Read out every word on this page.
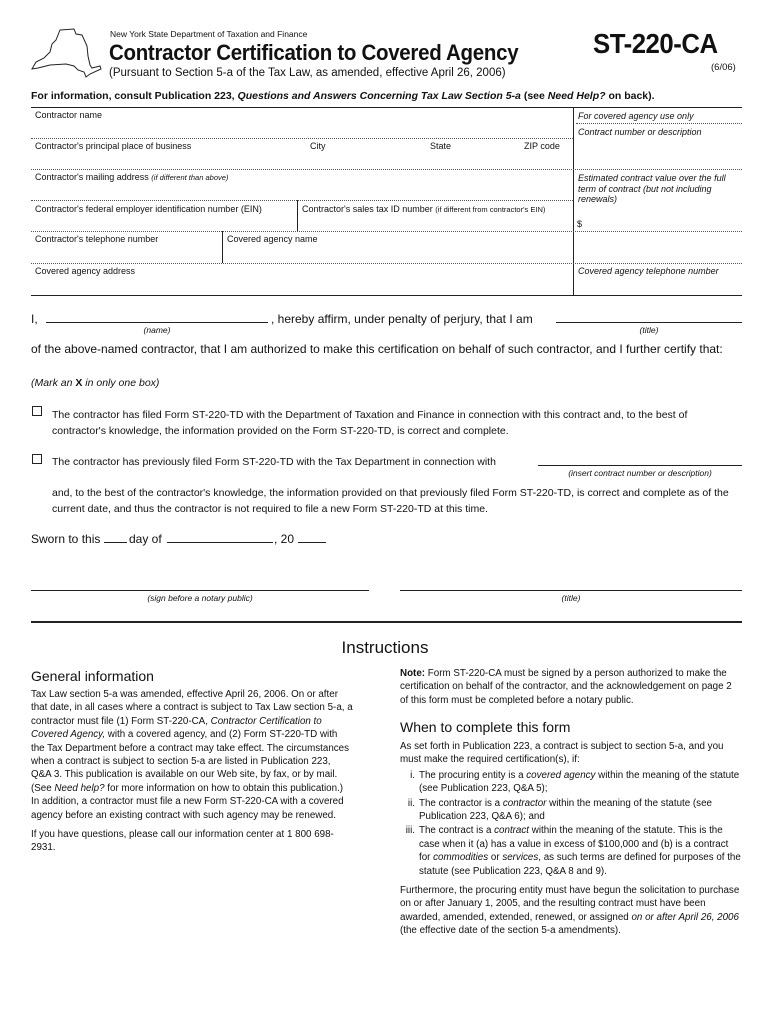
New York State Department of Taxation and Finance
Contractor Certification to Covered Agency
(Pursuant to Section 5-a of the Tax Law, as amended, effective April 26, 2006)
ST-220-CA
(6/06)
For information, consult Publication 223, Questions and Answers Concerning Tax Law Section 5-a (see Need Help? on back).
Contractor name	For covered agency use only
Contract number or description
Contractor's principal place of business	City	State	ZIP code
Contractor's mailing address (if different than above)	Estimated contract value over the full term of contract (but not including renewals)
Contractor's federal employer identification number (EIN)	Contractor's sales tax ID number (if different from contractor's EIN)
$
Contractor's telephone number	Covered agency name
Covered agency address	Covered agency telephone number
I,	, hereby affirm, under penalty of perjury, that I am
(name)	(title)
of the above-named contractor, that I am authorized to make this certification on behalf of such contractor, and I further certify that:
(Mark an X in only one box)
The contractor has filed Form ST-220-TD with the Department of Taxation and Finance in connection with this contract and, to the best of contractor's knowledge, the information provided on the Form ST-220-TD, is correct and complete.
The contractor has previously filed Form ST-220-TD with the Tax Department in connection with
(insert contract number or description)
and, to the best of the contractor's knowledge, the information provided on that previously filed Form ST-220-TD, is correct and complete as of the current date, and thus the contractor is not required to file a new Form ST-220-TD at this time.
Sworn to this day of	, 20
(sign before a notary public)	(title)
Instructions
General information

Tax Law section 5-a was amended, effective April 26, 2006. On or after that date, in all cases where a contract is subject to Tax Law section 5-a, a contractor must file (1) Form ST-220-CA, Contractor Certification to Covered Agency, with a covered agency, and (2) Form ST-220-TD with the Tax Department before a contract may take effect. The circumstances when a contract is subject to section 5-a are listed in Publication 223, Q&A 3. This publication is available on our Web site, by fax, or by mail. (See Need help? for more information on how to obtain this publication.) In addition, a contractor must file a new Form ST-220-CA with a covered agency before an existing contract with such agency may be renewed.

If you have questions, please call our information center at 1 800 698-2931.

Note: Form ST-220-CA must be signed by a person authorized to make the certification on behalf of the contractor, and the acknowledgement on page 2 of this form must be completed before a notary public.

When to complete this form

As set forth in Publication 223, a contract is subject to section 5-a, and you must make the required certification(s), if:

i. The procuring entity is a covered agency within the meaning of the statute (see Publication 223, Q&A 5);
ii. The contractor is a contractor within the meaning of the statute (see Publication 223, Q&A 6); and
iii. The contract is a contract within the meaning of the statute. This is the case when it (a) has a value in excess of $100,000 and (b) is a contract for commodities or services, as such terms are defined for purposes of the statute (see Publication 223, Q&A 8 and 9).

Furthermore, the procuring entity must have begun the solicitation to purchase on or after January 1, 2005, and the resulting contract must have been awarded, amended, extended, renewed, or assigned on or after April 26, 2006 (the effective date of the section 5-a amendments).
